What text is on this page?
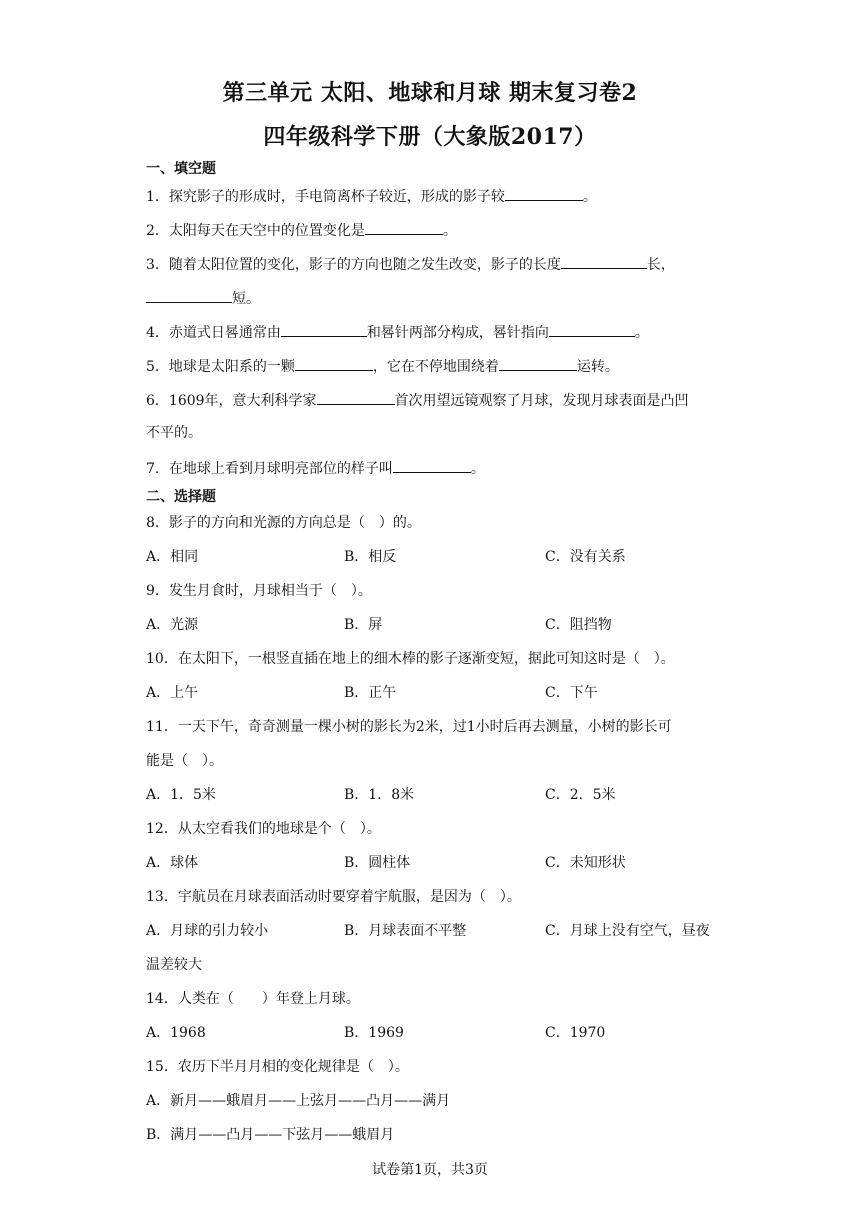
第三单元 太阳、地球和月球 期末复习卷2
四年级科学下册（大象版2017）
一、填空题
1．探究影子的形成时，手电筒离杯子较近，形成的影子较	。
2．太阳每天在天空中的位置变化是	。
3．随着太阳位置的变化，影子的方向也随之发生改变，影子的长度	长，
短。
4．赤道式日晷通常由	和晷针两部分构成，晷针指向	。
5．地球是太阳系的一颗	，它在不停地围绕着	运转。
6．1609年，意大利科学家	首次用望远镜观察了月球，发现月球表面是凸凹
不平的。
7．在地球上看到月球明亮部位的样子叫	。
二、选择题
8．影子的方向和光源的方向总是（　）的。
A．相同	B．相反	C．没有关系
9．发生月食时，月球相当于（　）。
A．光源	B．屏	C．阻挡物
10．在太阳下，一根竖直插在地上的细木棒的影子逐渐变短，据此可知这时是（　）。
A．上午	B．正午	C．下午
11．一天下午，奇奇测量一棵小树的影长为2米，过1小时后再去测量，小树的影长可
能是（　）。
A．1．5米	B．1．8米	C．2．5米
12．从太空看我们的地球是个（　）。
A．球体	B．圆柱体	C．未知形状
13．宇航员在月球表面活动时要穿着宇航服，是因为（　）。
A．月球的引力较小	B．月球表面不平整	C．月球上没有空气，昼夜
温差较大
14．人类在（　　）年登上月球。
A．1968	B．1969	C．1970
15．农历下半月月相的变化规律是（　）。
A．新月——蛾眉月——上弦月——凸月——满月
B．满月——凸月——下弦月——蛾眉月
试卷第1页，共3页
